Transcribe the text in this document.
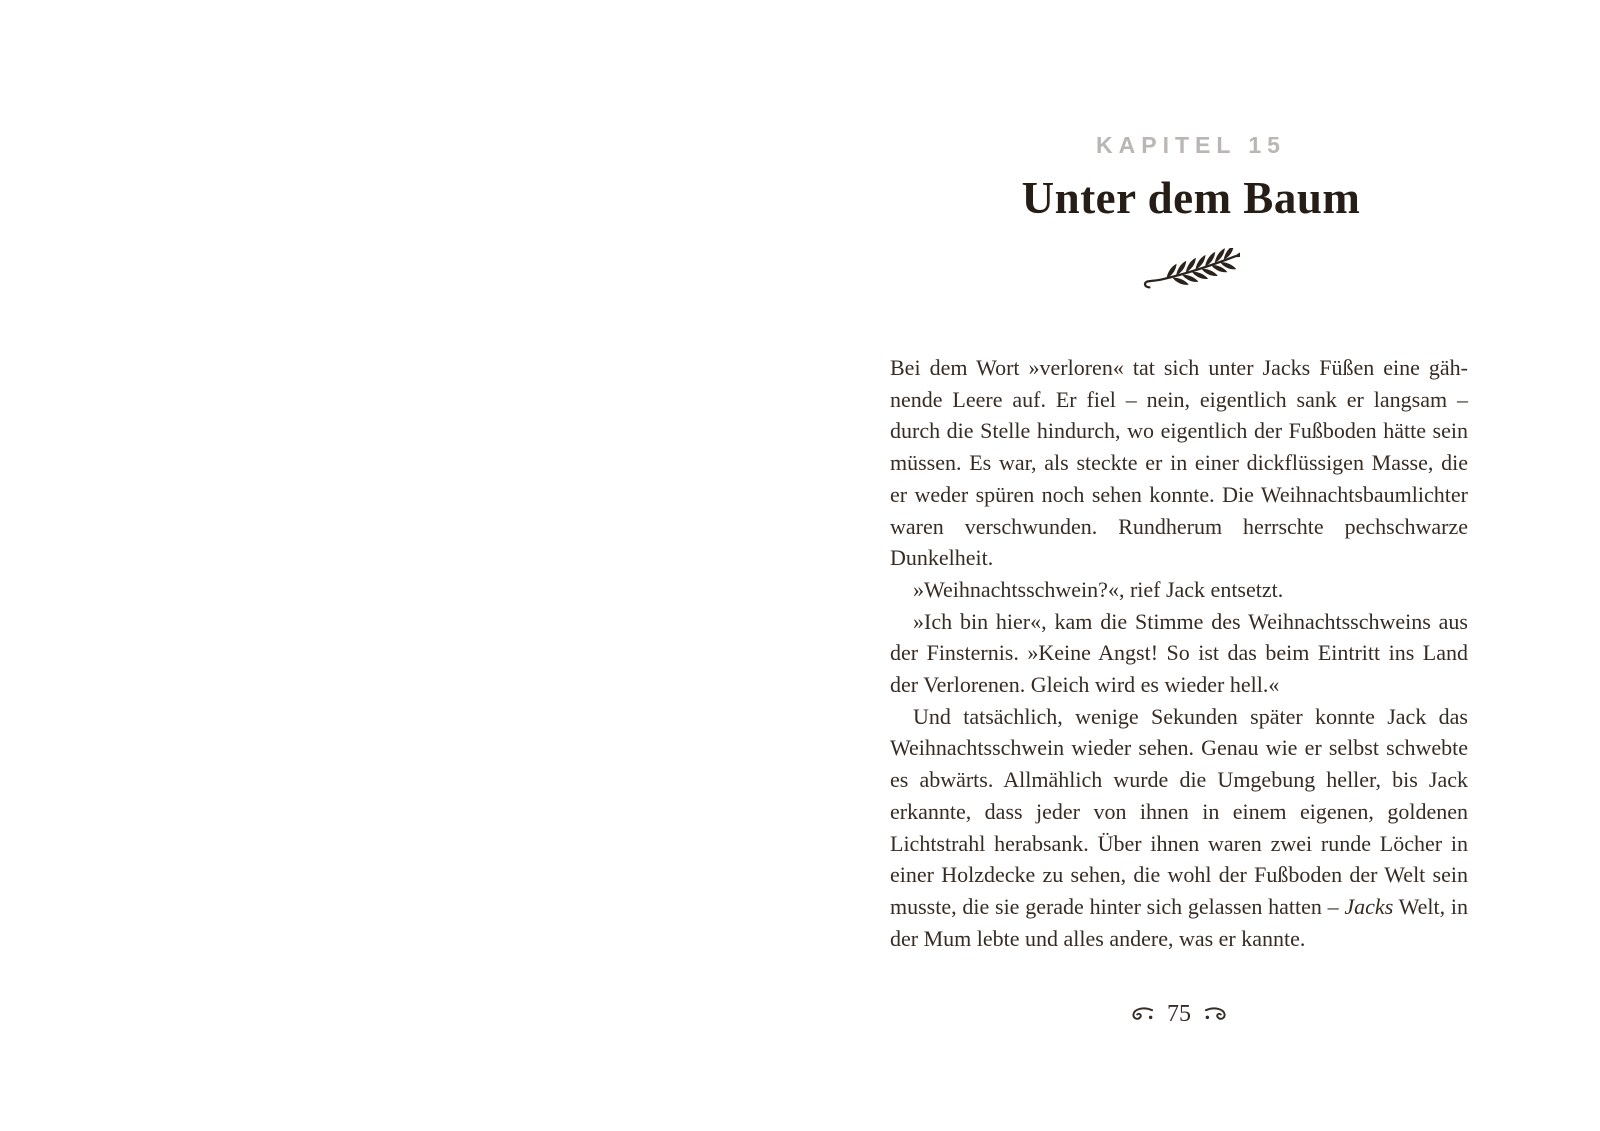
KAPITEL 15
Unter dem Baum

Bei dem Wort »verloren« tat sich unter Jacks Füßen eine gähnende Leere auf. Er fiel – nein, eigentlich sank er langsam – durch die Stelle hindurch, wo eigentlich der Fußboden hätte sein müssen. Es war, als steckte er in einer dickflüssigen Masse, die er weder spüren noch sehen konnte. Die Weihnachtsbaumlichter waren verschwunden. Rundherum herrschte pechschwarze Dunkelheit.

»Weihnachtsschwein?«, rief Jack entsetzt.

»Ich bin hier«, kam die Stimme des Weihnachtsschweins aus der Finsternis. »Keine Angst! So ist das beim Eintritt ins Land der Verlorenen. Gleich wird es wieder hell.«

Und tatsächlich, wenige Sekunden später konnte Jack das Weihnachtsschwein wieder sehen. Genau wie er selbst schwebte es abwärts. Allmählich wurde die Umgebung heller, bis Jack erkannte, dass jeder von ihnen in einem eigenen, goldenen Lichtstrahl herabsank. Über ihnen waren zwei runde Löcher in einer Holzdecke zu sehen, die wohl der Fußboden der Welt sein musste, die sie gerade hinter sich gelassen hatten – Jacks Welt, in der Mum lebte und alles andere, was er kannte.

75
